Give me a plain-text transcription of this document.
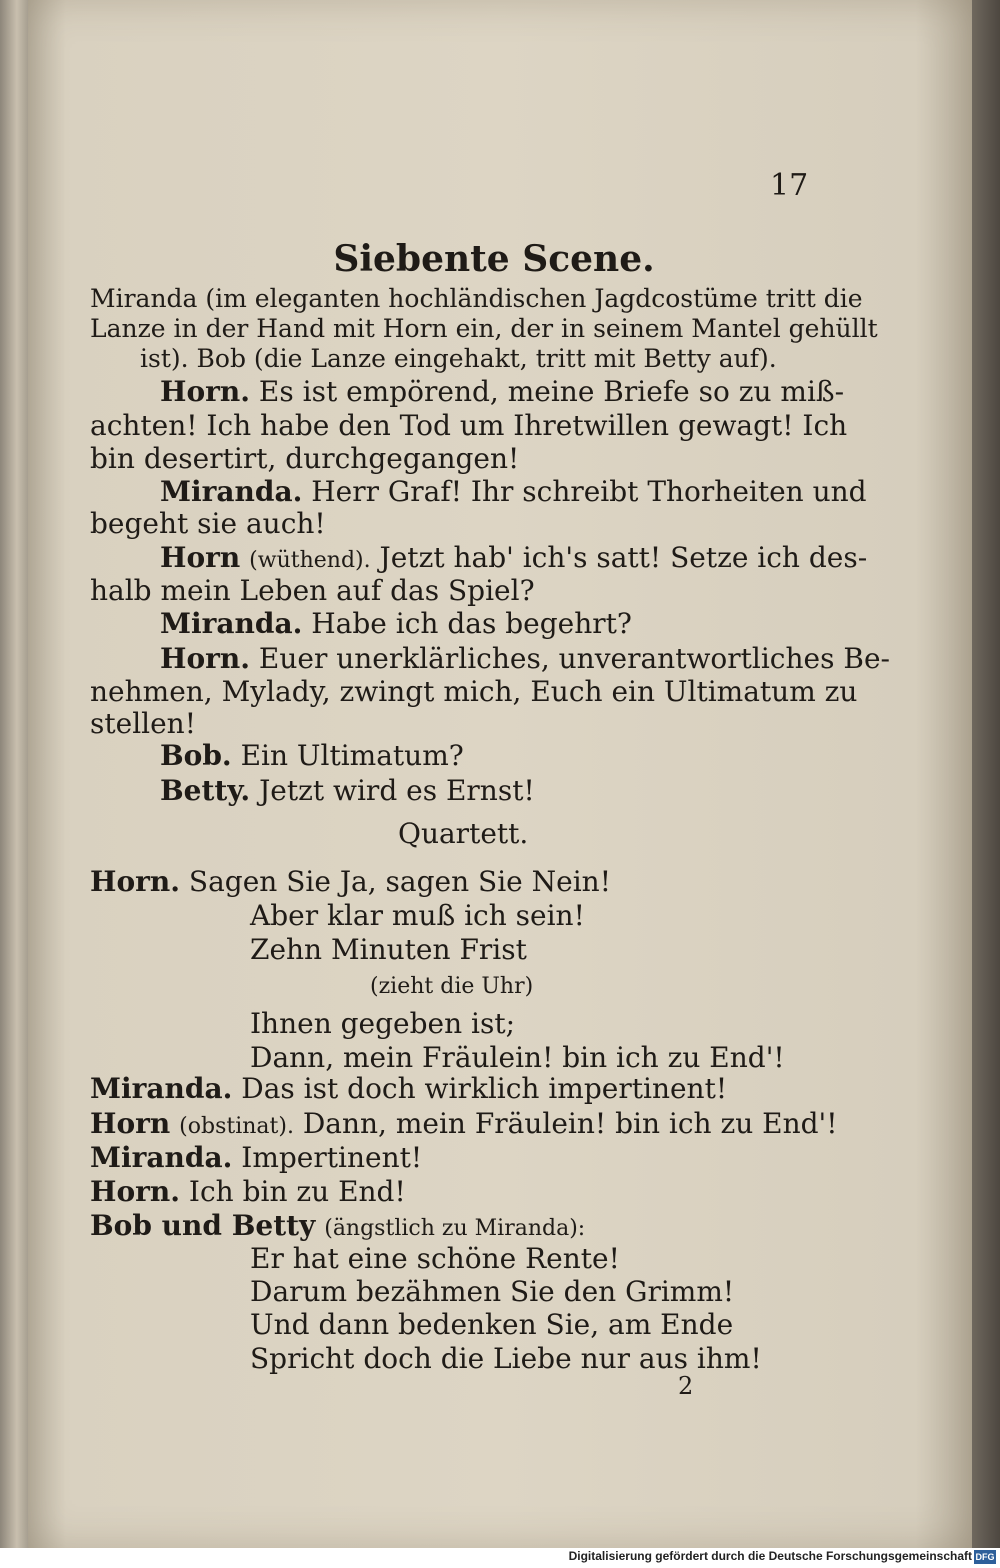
17
Siebente Scene.
Miranda (im eleganten hochländischen Jagdcostüme tritt die
Lanze in der Hand mit Horn ein, der in seinem Mantel gehüllt
ist). Bob (die Lanze eingehakt, tritt mit Betty auf).
Horn. Es ist empörend, meine Briefe so zu miß-
achten! Ich habe den Tod um Ihretwillen gewagt! Ich
bin desertirt, durchgegangen!
Miranda. Herr Graf! Ihr schreibt Thorheiten und
begeht sie auch!
Horn (wüthend). Jetzt hab' ich's satt! Setze ich des-
halb mein Leben auf das Spiel?
Miranda. Habe ich das begehrt?
Horn. Euer unerklärliches, unverantwortliches Be-
nehmen, Mylady, zwingt mich, Euch ein Ultimatum zu
stellen!
Bob. Ein Ultimatum?
Betty. Jetzt wird es Ernst!
Quartett.
Horn. Sagen Sie Ja, sagen Sie Nein!
Aber klar muß ich sein!
Zehn Minuten Frist
(zieht die Uhr)
Ihnen gegeben ist;
Dann, mein Fräulein! bin ich zu End'!
Miranda. Das ist doch wirklich impertinent!
Horn (obstinat). Dann, mein Fräulein! bin ich zu End'!
Miranda. Impertinent!
Horn. Ich bin zu End!
Bob und Betty (ängstlich zu Miranda):
Er hat eine schöne Rente!
Darum bezähmen Sie den Grimm!
Und dann bedenken Sie, am Ende
Spricht doch die Liebe nur aus ihm!
2
Digitalisierung gefördert durch die Deutsche Forschungsgemeinschaft DFG
